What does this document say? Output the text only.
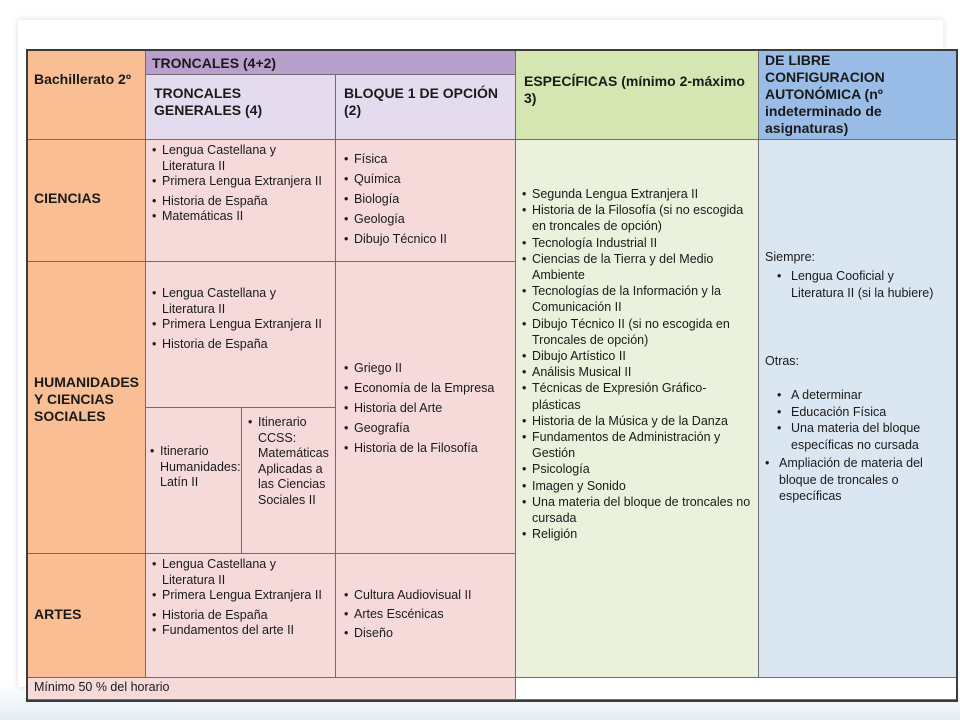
Bachillerato 2º
TRONCALES (4+2)
TRONCALES GENERALES (4)
BLOQUE 1 DE OPCIÓN (2)
ESPECÍFICAS (mínimo 2-máximo 3)
DE LIBRE CONFIGURACION AUTONÓMICA (nº indeterminado de asignaturas)
CIENCIAS
• Lengua Castellana y Literatura II
• Primera Lengua Extranjera II
• Historia de España
• Matemáticas II
• Física
• Química
• Biología
• Geología
• Dibujo Técnico II
HUMANIDADES Y CIENCIAS SOCIALES
• Lengua Castellana y Literatura II
• Primera Lengua Extranjera II
• Historia de España
• Itinerario Humanidades: Latín II
• Itinerario CCSS: Matemáticas Aplicadas a las Ciencias Sociales II
• Griego II
• Economía de la Empresa
• Historia del Arte
• Geografía
• Historia de la Filosofía
ARTES
• Lengua Castellana y Literatura II
• Primera Lengua Extranjera II
• Historia de España
• Fundamentos del arte II
• Cultura Audiovisual II
• Artes Escénicas
• Diseño
• Segunda Lengua Extranjera II
• Historia de la Filosofía (si no escogida en troncales de opción)
• Tecnología Industrial II
• Ciencias de la Tierra y del Medio Ambiente
• Tecnologías de la Información y la Comunicación II
• Dibujo Técnico II (si no escogida en Troncales de opción)
• Dibujo Artístico II
• Análisis Musical II
• Técnicas de Expresión Gráfico-plásticas
• Historia de la Música y de la Danza
• Fundamentos de Administración y Gestión
• Psicología
• Imagen y Sonido
• Una materia del bloque de troncales no cursada
• Religión
Siempre:
• Lengua Cooficial y Literatura II (si la hubiere)
Otras:
• A determinar
• Educación Física
• Una materia del bloque específicas no cursada
• Ampliación de materia del bloque de troncales o específicas
Mínimo 50 % del horario
